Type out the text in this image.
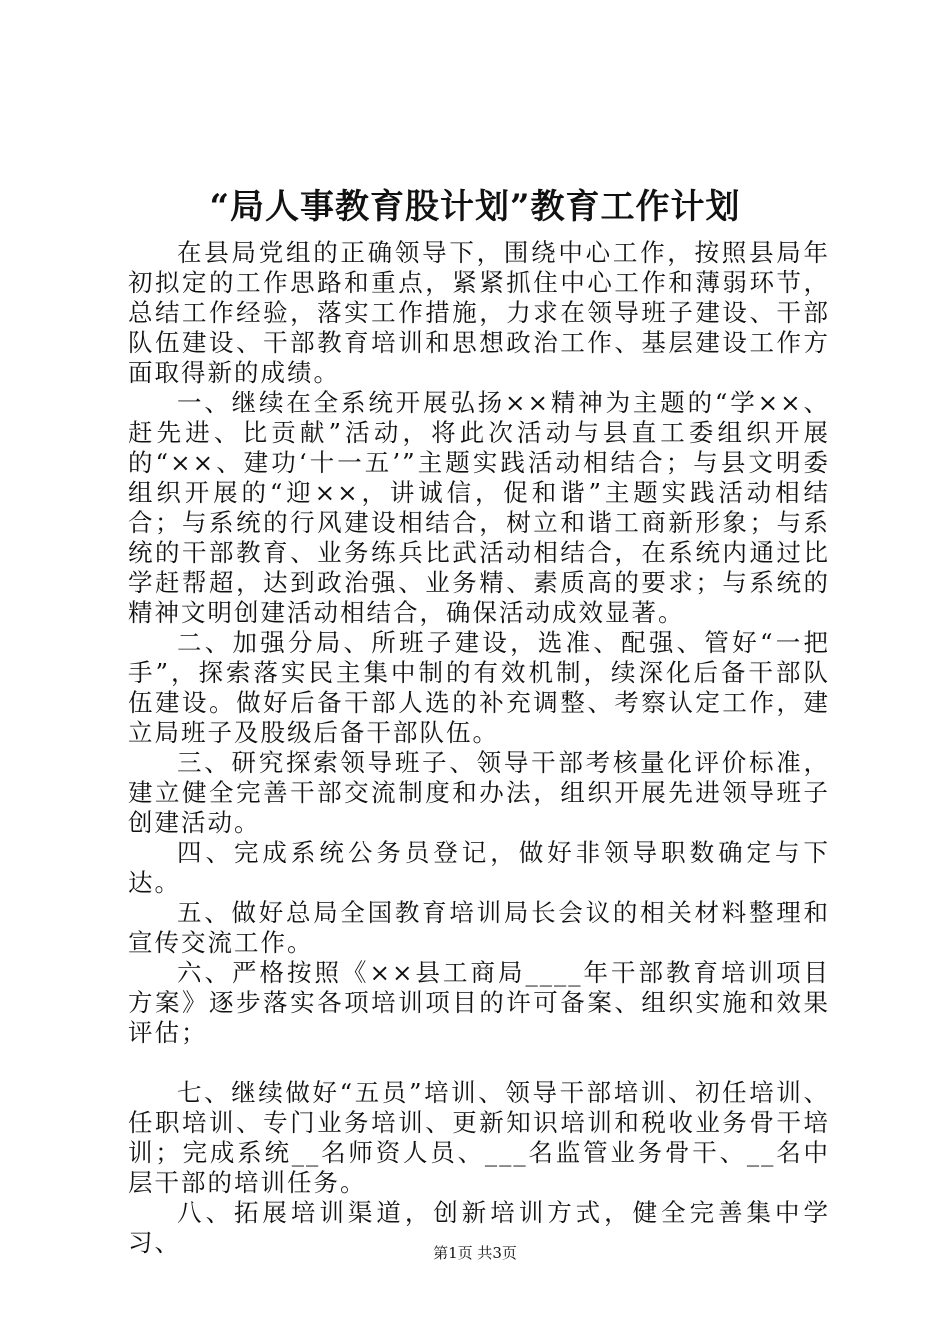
“局人事教育股计划”教育工作计划

在县局党组的正确领导下，围绕中心工作，按照县局年初拟定的工作思路和重点，紧紧抓住中心工作和薄弱环节，总结工作经验，落实工作措施，力求在领导班子建设、干部队伍建设、干部教育培训和思想政治工作、基层建设工作方面取得新的成绩。

一、继续在全系统开展弘扬××精神为主题的“学××、赶先进、比贡献”活动，将此次活动与县直工委组织开展的“××、建功‘十一五’”主题实践活动相结合；与县文明委组织开展的“迎××，讲诚信，促和谐”主题实践活动相结合；与系统的行风建设相结合，树立和谐工商新形象；与系统的干部教育、业务练兵比武活动相结合，在系统内通过比学赶帮超，达到政治强、业务精、素质高的要求；与系统的精神文明创建活动相结合，确保活动成效显著。

二、加强分局、所班子建设，选准、配强、管好“一把手”，探索落实民主集中制的有效机制，续深化后备干部队伍建设。做好后备干部人选的补充调整、考察认定工作，建立局班子及股级后备干部队伍。

三、研究探索领导班子、领导干部考核量化评价标准，建立健全完善干部交流制度和办法，组织开展先进领导班子创建活动。

四、完成系统公务员登记，做好非领导职数确定与下达。

五、做好总局全国教育培训局长会议的相关材料整理和宣传交流工作。

六、严格按照《××县工商局____年干部教育培训项目方案》逐步落实各项培训项目的许可备案、组织实施和效果评估；

七、继续做好“五员”培训、领导干部培训、初任培训、任职培训、专门业务培训、更新知识培训和税收业务骨干培训；完成系统__名师资人员、___名监管业务骨干、__名中层干部的培训任务。

八、拓展培训渠道，创新培训方式，健全完善集中学习、	第1页 共3页
